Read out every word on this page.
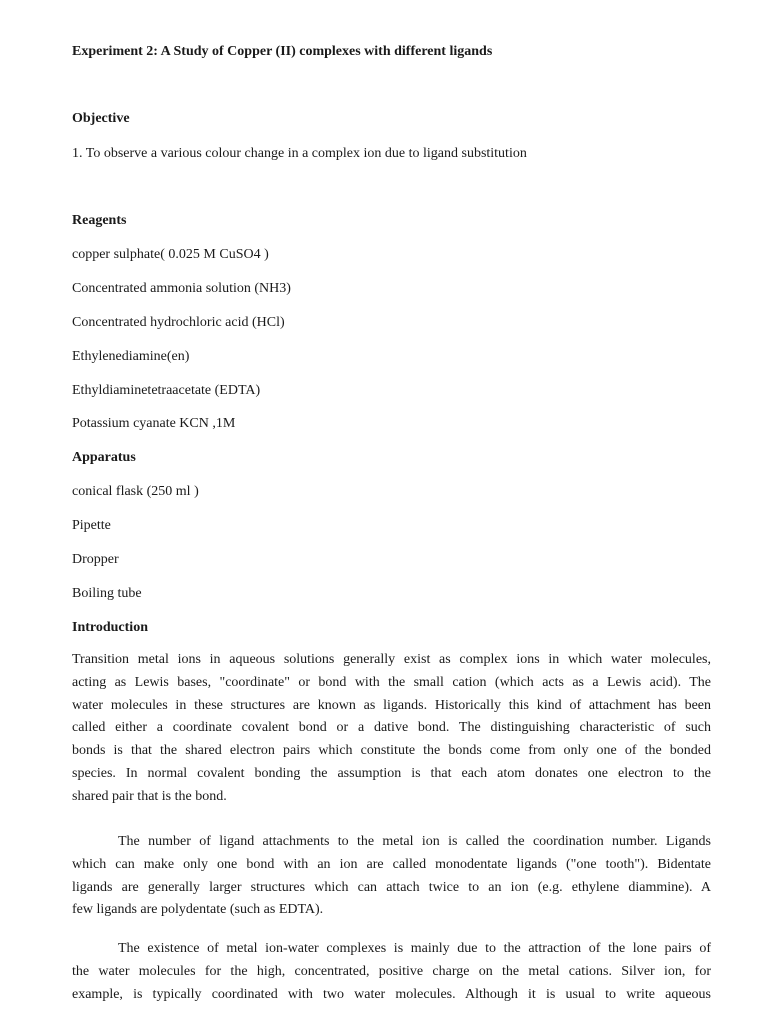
Experiment 2: A Study of Copper (II) complexes with different ligands
Objective
1. To observe a various colour change in a complex ion due to ligand substitution
Reagents
copper sulphate( 0.025 M CuSO4 )
Concentrated ammonia solution (NH3)
Concentrated hydrochloric acid (HCl)
Ethylenediamine(en)
Ethyldiaminetetraacetate (EDTA)
Potassium cyanate KCN ,1M
Apparatus
conical flask (250 ml )
Pipette
Dropper
Boiling tube
Introduction
Transition metal ions in aqueous solutions generally exist as complex ions in which water molecules,
acting as Lewis bases, "coordinate" or bond with the small cation (which acts as a Lewis acid). The
water molecules in these structures are known as ligands. Historically this kind of attachment has been
called either a coordinate covalent bond or a dative bond. The distinguishing characteristic of such
bonds is that the shared electron pairs which constitute the bonds come from only one of the bonded
species. In normal covalent bonding the assumption is that each atom donates one electron to the
shared pair that is the bond.
The number of ligand attachments to the metal ion is called the coordination number. Ligands
which can make only one bond with an ion are called monodentate ligands ("one tooth"). Bidentate
ligands are generally larger structures which can attach twice to an ion (e.g. ethylene diammine). A
few ligands are polydentate (such as EDTA).
The existence of metal ion-water complexes is mainly due to the attraction of the lone pairs of
the water molecules for the high, concentrated, positive charge on the metal cations. Silver ion, for
example, is typically coordinated with two water molecules. Although it is usual to write aqueous
